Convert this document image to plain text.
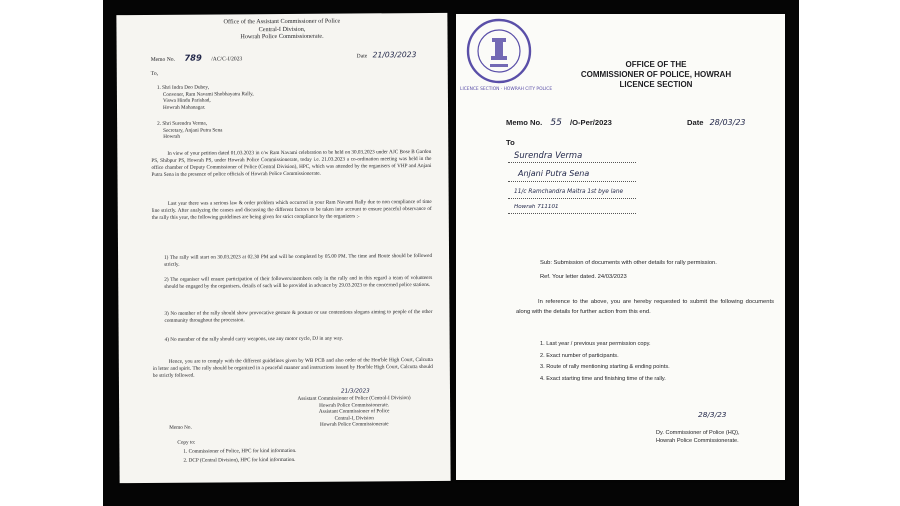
Office of the Assistant Commissioner of Police
Central-I Division,
Howrah Police Commissionerate.
Memo No. 789 /AC/C-I/2023	Date 21/03/2023
To,
1. Shri Indra Deo Dubey,
Convener, Ram Navami Shobhayatra Rally,
Viswa Hindu Parishad,
Howrah Mahanagar.
2. Shri Surendra Verma,
Secretary, Anjani Putra Sena
Howrah
In view of your petition dated 01.03.2023 in c/w Ram Navami celebration to be held on 30.03.2023 under AJC Bose B Garden PS, Shibpur PS, Howrah PS, under Howrah Police Commissionerate, today i.e. 21.03.2023 a co-ordination meeting was held in the office chamber of Deputy Commissioner of Police (Central Division), HPC, which was attended by the organisers of VHP and Anjani Putra Sena in the presence of police officials of Howrah Police Commissionerate.
Last year there was a serious law & order problem which occurred in your Ram Navami Rally due to non compliance of time line strictly. After analyzing the causes and discussing the different factors to be taken into account to ensure peaceful observance of the rally this year, the following guidelines are being given for strict compliance by the organizers :-
1) The rally will start on 30.03.2023 at 02.30 PM and will be completed by 05.00 PM. The time and Route should be followed strictly.
2) The organiser will ensure participation of their followers/members only in the rally and in this regard a team of volunteers should be engaged by the organisers, details of such will be provided in advance by 29.03.2023 to the concerned police stations.
3) No member of the rally should show provocative gesture & posture or use contentious slogans aiming to people of the other community throughout the procession.
4) No member of the rally should carry weapons, use any motor cycle, DJ in any way.
Hence, you are to comply with the different guidelines given by WB PCB and also order of the Hon'ble High Court, Calcutta in letter and spirit. The rally should be organized in a peaceful manner and instructions issued by Hon'ble High Court, Calcutta should be strictly followed.
21/3/2023
Assistant Commissioner of Police (Central-I Division)
Howrah Police Commissionerate.
Assistant Commissioner of Police
Central-I, Division
Howrah Police Commissionerate
Memo No.
Copy to:
1. Commissioner of Police, HPC for kind information.
2. DCP (Central Division), HPC for kind information.
LICENCE SECTION · HOWRAH CITY POLICE
OFFICE OF THE
COMMISSIONER OF POLICE, HOWRAH
LICENCE SECTION
Memo No. 55 /O-Per/2023	Date 28/03/23
To
Surendra Verma
Anjani Putra Sena
11/c Ramchandra Maitra 1st bye lane
Howrah 711101
Sub: Submission of documents with other details for rally permission.
Ref. Your letter dated. 24/03/2023
In reference to the above, you are hereby requested to submit the following documents along with the details for further action from this end.
1. Last year / previous year permission copy.
2. Exact number of participants.
3. Route of rally mentioning starting & ending points.
4. Exact starting time and finishing time of the rally.
28/3/23
Dy. Commissioner of Police (HQ),
Howrah Police Commissionerate.
